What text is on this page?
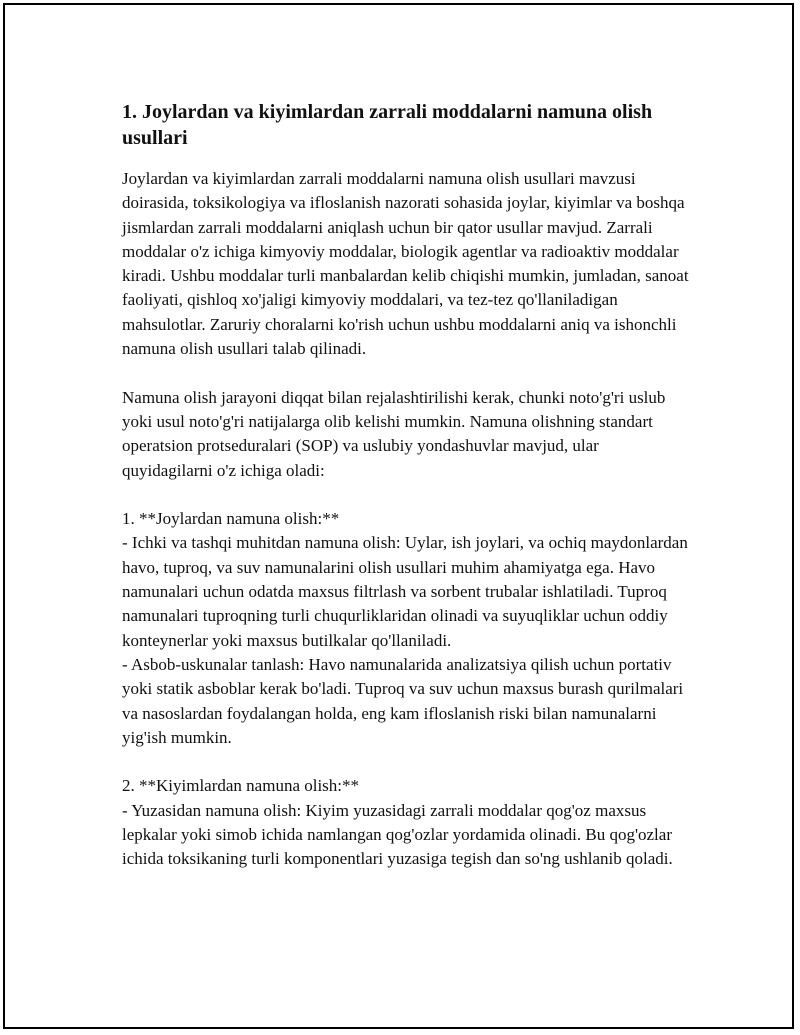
1. Joylardan va kiyimlardan zarrali moddalarni namuna olish usullari

Joylardan va kiyimlardan zarrali moddalarni namuna olish usullari mavzusi doirasida, toksikologiya va ifloslanish nazorati sohasida joylar, kiyimlar va boshqa jismlardan zarrali moddalarni aniqlash uchun bir qator usullar mavjud. Zarrali moddalar o'z ichiga kimyoviy moddalar, biologik agentlar va radioaktiv moddalar kiradi. Ushbu moddalar turli manbalardan kelib chiqishi mumkin, jumladan, sanoat faoliyati, qishloq xo'jaligi kimyoviy moddalari, va tez-tez qo'llaniladigan mahsulotlar. Zaruriy choralarni ko'rish uchun ushbu moddalarni aniq va ishonchli namuna olish usullari talab qilinadi.

Namuna olish jarayoni diqqat bilan rejalashtirilishi kerak, chunki noto'g'ri uslub yoki usul noto'g'ri natijalarga olib kelishi mumkin. Namuna olishning standart operatsion protseduralari (SOP) va uslubiy yondashuvlar mavjud, ular quyidagilarni o'z ichiga oladi:

1. **Joylardan namuna olish:**
- Ichki va tashqi muhitdan namuna olish: Uylar, ish joylari, va ochiq maydonlardan havo, tuproq, va suv namunalarini olish usullari muhim ahamiyatga ega. Havo namunalari uchun odatda maxsus filtrlash va sorbent trubalar ishlatiladi. Tuproq namunalari tuproqning turli chuqurliklaridan olinadi va suyuqliklar uchun oddiy konteynerlar yoki maxsus butilkalar qo'llaniladi.
- Asbob-uskunalar tanlash: Havo namunalarida analizatsiya qilish uchun portativ yoki statik asboblar kerak bo'ladi. Tuproq va suv uchun maxsus burash qurilmalari va nasoslardan foydalangan holda, eng kam ifloslanish riski bilan namunalarni yig'ish mumkin.

2. **Kiyimlardan namuna olish:**
- Yuzasidan namuna olish: Kiyim yuzasidagi zarrali moddalar qog'oz maxsus lepkalar yoki simob ichida namlangan qog'ozlar yordamida olinadi. Bu qog'ozlar ichida toksikaning turli komponentlari yuzasiga tegish dan so'ng ushlanib qoladi.
